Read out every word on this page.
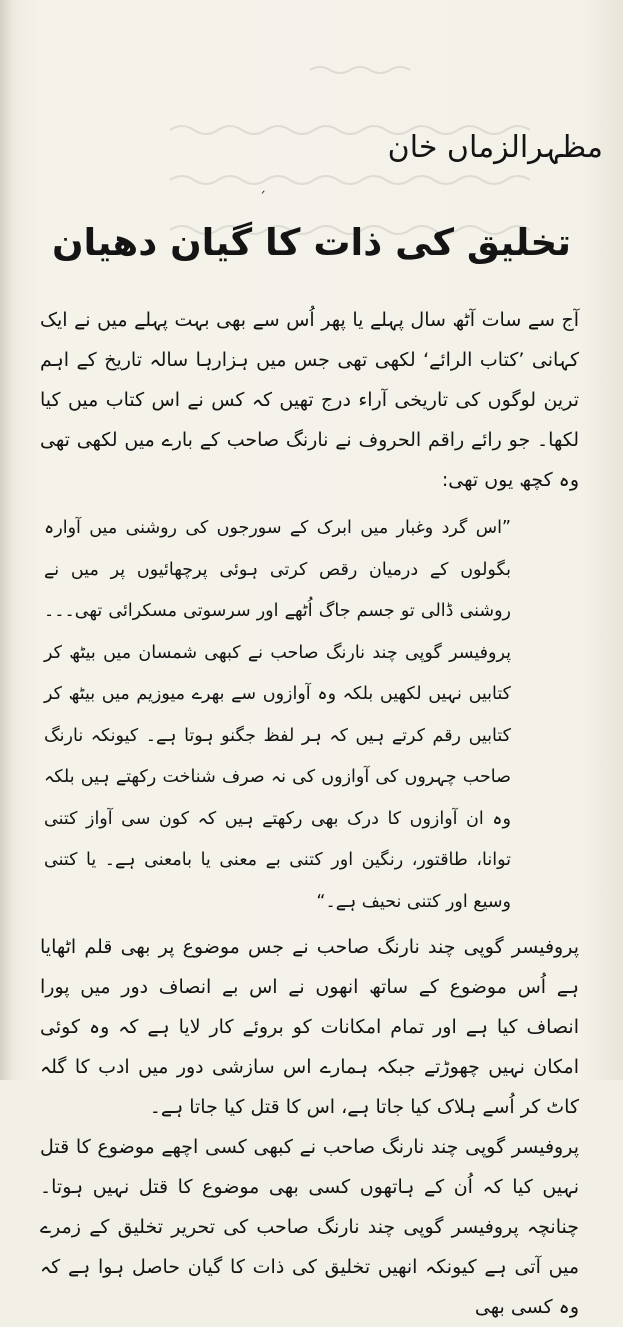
مظہرالزماں خان
ˏ
تخلیق کی ذات کا گیان دھیان

آج سے سات آٹھ سال پہلے یا پھر اُس سے بھی بہت پہلے میں نے ایک کہانی ’کتاب الرائے‘ لکھی تھی جس میں ہزارہا سالہ تاریخ کے اہم ترین لوگوں کی تاریخی آراء درج تھیں کہ کس نے اس کتاب میں کیا لکھا۔ جو رائے راقم الحروف نے نارنگ صاحب کے بارے میں لکھی تھی وہ کچھ یوں تھی:

”اس گرد وغبار میں ابرک کے سورجوں کی روشنی میں آوارہ بگولوں کے درمیان رقص کرتی ہوئی پرچھائیوں پر میں نے روشنی ڈالی تو جسم جاگ اُٹھے اور سرسوتی مسکرائی تھی۔۔۔ پروفیسر گوپی چند نارنگ صاحب نے کبھی شمسان میں بیٹھ کر کتابیں نہیں لکھیں بلکہ وہ آوازوں سے بھرے میوزیم میں بیٹھ کر کتابیں رقم کرتے ہیں کہ ہر لفظ جگنو ہوتا ہے۔ کیونکہ نارنگ صاحب چہروں کی آوازوں کی نہ صرف شناخت رکھتے ہیں بلکہ وہ ان آوازوں کا درک بھی رکھتے ہیں کہ کون سی آواز کتنی توانا، طاقتور، رنگین اور کتنی بے معنی یا بامعنی ہے۔ یا کتنی وسیع اور کتنی نحیف ہے۔“

پروفیسر گوپی چند نارنگ صاحب نے جس موضوع پر بھی قلم اٹھایا ہے اُس موضوع کے ساتھ انھوں نے اس بے انصاف دور میں پورا انصاف کیا ہے اور تمام امکانات کو بروئے کار لایا ہے کہ وہ کوئی امکان نہیں چھوڑتے جبکہ ہمارے اس سازشی دور میں ادب کا گلہ کاٹ کر اُسے ہلاک کیا جاتا ہے، اس کا قتل کیا جاتا ہے۔

پروفیسر گوپی چند نارنگ صاحب نے کبھی کسی اچھے موضوع کا قتل نہیں کیا کہ اُن کے ہاتھوں کسی بھی موضوع کا قتل نہیں ہوتا۔ چنانچہ پروفیسر گوپی چند نارنگ صاحب کی تحریر تخلیق کے زمرے میں آتی ہے کیونکہ انھیں تخلیق کی ذات کا گیان حاصل ہوا ہے کہ وہ کسی بھی
